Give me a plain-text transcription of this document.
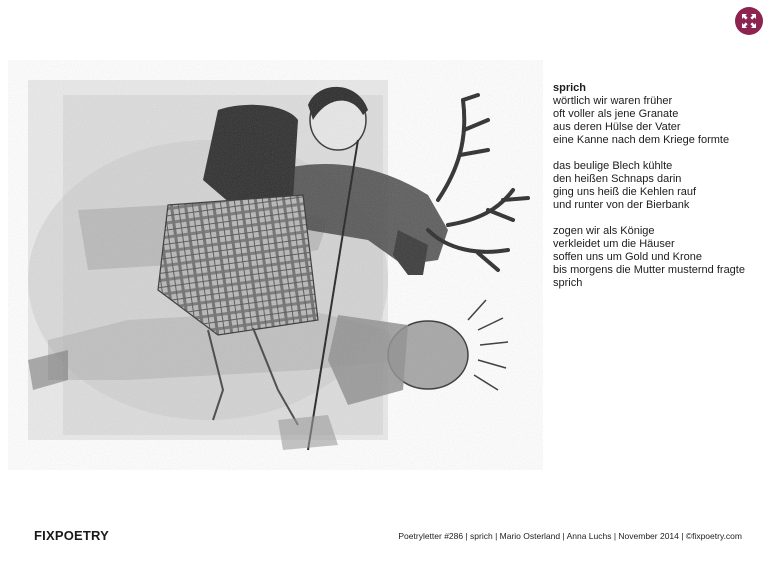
sprich
wörtlich wir waren früher
oft voller als jene Granate
aus deren Hülse der Vater
eine Kanne nach dem Kriege formte
das beulige Blech kühlte
den heißen Schnaps darin
ging uns heiß die Kehlen rauf
und runter von der Bierbank
zogen wir als Könige
verkleidet um die Häuser
soffen uns um Gold und Krone
bis morgens die Mutter musternd fragte
sprich
FIXPOETRY	Poetryletter #286 | sprich | Mario Osterland | Anna Luchs | November 2014 | ©fixpoetry.com
